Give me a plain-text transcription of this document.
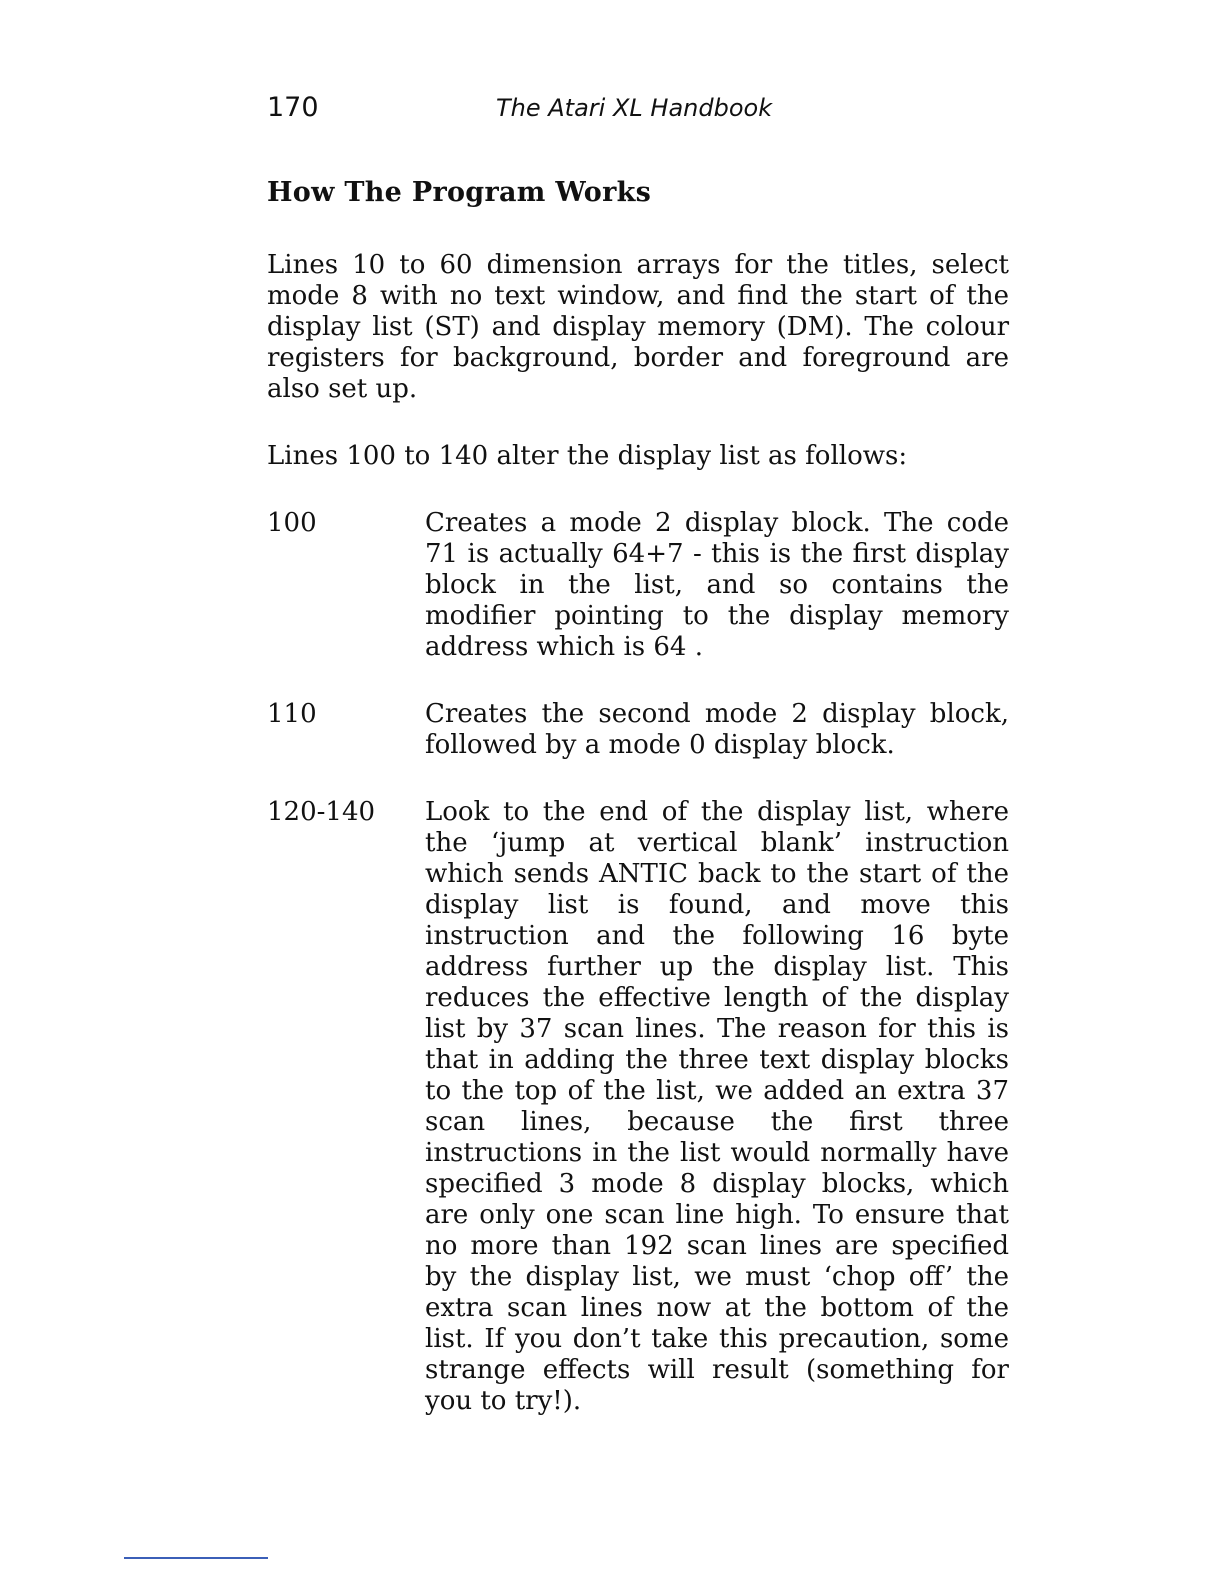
170	The Atari XL Handbook
How The Program Works

Lines 10 to 60 dimension arrays for the titles, select mode 8 with no text window, and find the start of the display list (ST) and display memory (DM). The colour registers for background, border and foreground are also set up.

Lines 100 to 140 alter the display list as follows:

100	Creates a mode 2 display block. The code 71 is actually 64+7 - this is the first display block in the list, and so contains the modifier pointing to the display memory address which is 64 .
110	Creates the second mode 2 display block, followed by a mode 0 display block.
120-140	Look to the end of the display list, where the ‘jump at vertical blank’ instruction which sends ANTIC back to the start of the display list is found, and move this instruction and the following 16 byte address further up the display list. This reduces the effective length of the display list by 37 scan lines. The reason for this is that in adding the three text display blocks to the top of the list, we added an extra 37 scan lines, because the first three instructions in the list would normally have specified 3 mode 8 display blocks, which are only one scan line high. To ensure that no more than 192 scan lines are specified by the display list, we must ‘chop off’ the extra scan lines now at the bottom of the list. If you don’t take this precaution, some strange effects will result (something for you to try!).
